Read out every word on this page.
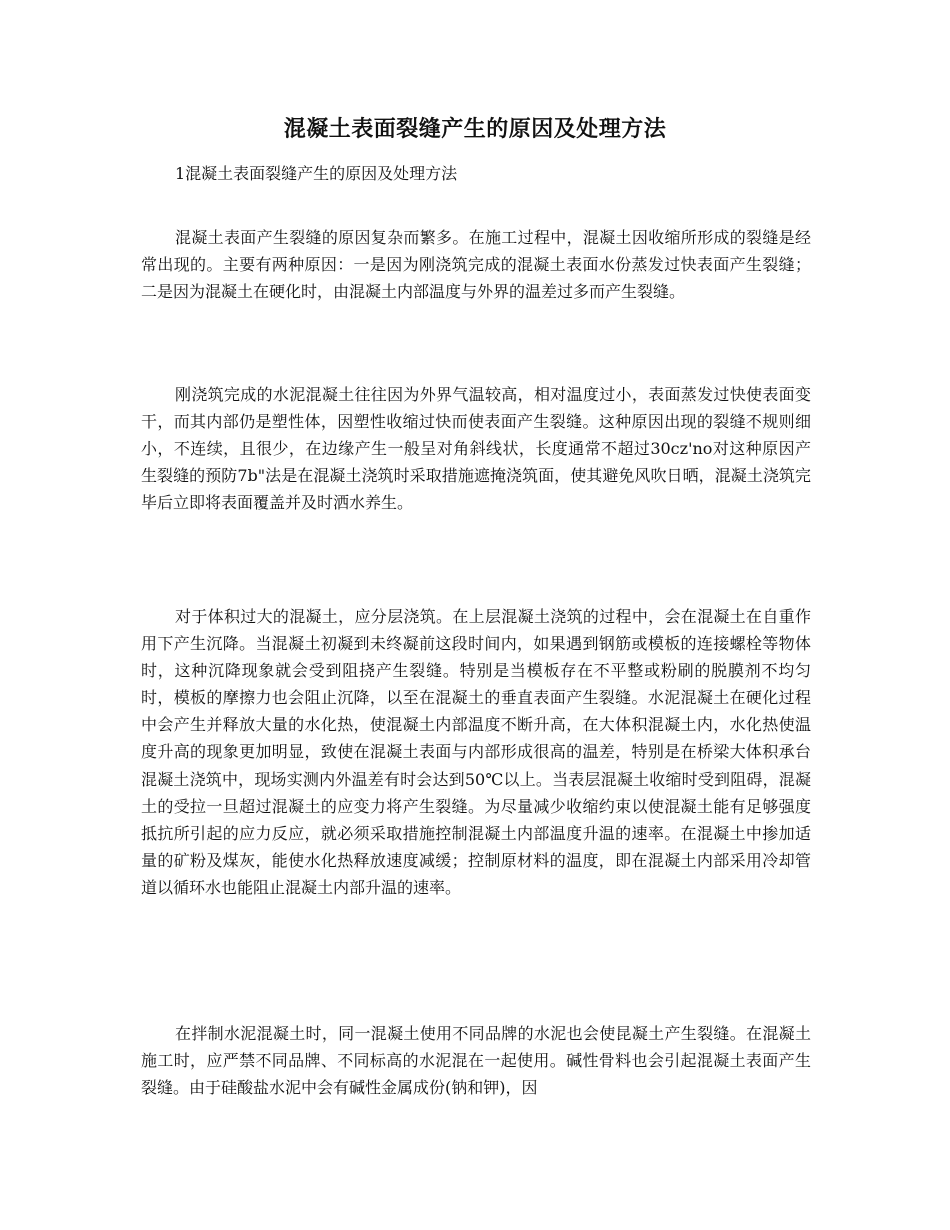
混凝土表面裂缝产生的原因及处理方法

1混凝土表面裂缝产生的原因及处理方法

混凝土表面产生裂缝的原因复杂而繁多。在施工过程中，混凝土因收缩所形成的裂缝是经常出现的。主要有两种原因：一是因为刚浇筑完成的混凝土表面水份蒸发过快表面产生裂缝；二是因为混凝土在硬化时，由混凝土内部温度与外界的温差过多而产生裂缝。

刚浇筑完成的水泥混凝土往往因为外界气温较高，相对温度过小，表面蒸发过快使表面变干，而其内部仍是塑性体，因塑性收缩过快而使表面产生裂缝。这种原因出现的裂缝不规则细小，不连续，且很少，在边缘产生一般呈对角斜线状，长度通常不超过30cz'no对这种原因产生裂缝的预防7b"法是在混凝土浇筑时采取措施遮掩浇筑面，使其避免风吹日晒，混凝土浇筑完毕后立即将表面覆盖并及时洒水养生。

对于体积过大的混凝土，应分层浇筑。在上层混凝土浇筑的过程中，会在混凝土在自重作用下产生沉降。当混凝土初凝到未终凝前这段时间内，如果遇到钢筋或模板的连接螺栓等物体时，这种沉降现象就会受到阻挠产生裂缝。特别是当模板存在不平整或粉刷的脱膜剂不均匀时，模板的摩擦力也会阻止沉降，以至在混凝土的垂直表面产生裂缝。水泥混凝土在硬化过程中会产生并释放大量的水化热，使混凝土内部温度不断升高，在大体积混凝土内，水化热使温度升高的现象更加明显，致使在混凝土表面与内部形成很高的温差，特别是在桥梁大体积承台混凝土浇筑中，现场实测内外温差有时会达到50℃以上。当表层混凝土收缩时受到阻碍，混凝土的受拉一旦超过混凝土的应变力将产生裂缝。为尽量减少收缩约束以使混凝土能有足够强度抵抗所引起的应力反应，就必须采取措施控制混凝土内部温度升温的速率。在混凝土中掺加适量的矿粉及煤灰，能使水化热释放速度减缓；控制原材料的温度，即在混凝土内部采用冷却管道以循环水也能阻止混凝土内部升温的速率。

在拌制水泥混凝土时，同一混凝土使用不同品牌的水泥也会使昆凝土产生裂缝。在混凝土施工时，应严禁不同品牌、不同标高的水泥混在一起使用。碱性骨料也会引起混凝土表面产生裂缝。由于硅酸盐水泥中会有碱性金属成份(钠和钾)，因
